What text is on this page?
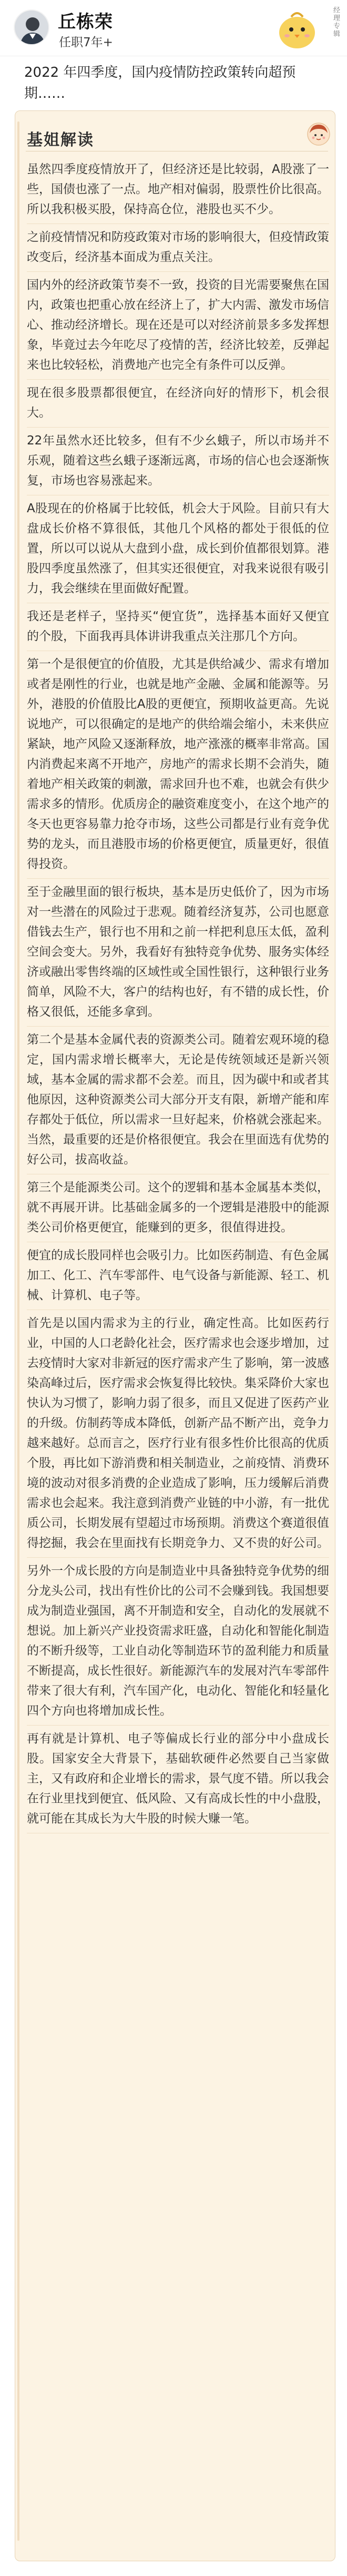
丘栋荣
任职7年+
经理专辑
2022 年四季度，国内疫情防控政策转向超预期……
基姐解读
虽然四季度疫情放开了，但经济还是比较弱，A股涨了一些，国债也涨了一点。地产相对偏弱，股票性价比很高。所以我积极买股，保持高仓位，港股也买不少。
之前疫情情况和防疫政策对市场的影响很大，但疫情政策改变后，经济基本面成为重点关注。
国内外的经济政策节奏不一致，投资的目光需要聚焦在国内，政策也把重心放在经济上了，扩大内需、激发市场信心、推动经济增长。现在还是可以对经济前景多多发挥想象，毕竟过去今年吃尽了疫情的苦，经济比较差，反弹起来也比较轻松，消费地产也完全有条件可以反弹。
现在很多股票都很便宜，在经济向好的情形下，机会很大。
22年虽然水还比较多，但有不少幺蛾子，所以市场并不乐观，随着这些幺蛾子逐渐远离，市场的信心也会逐渐恢复，市场也容易涨起来。
A股现在的价格属于比较低，机会大于风险。目前只有大盘成长价格不算很低，其他几个风格的都处于很低的位置，所以可以说从大盘到小盘，成长到价值都很划算。港股四季度虽然涨了，但其实还很便宜，对我来说很有吸引力，我会继续在里面做好配置。
我还是老样子，坚持买“便宜货”，选择基本面好又便宜的个股，下面我再具体讲讲我重点关注那几个方向。
第一个是很便宜的价值股，尤其是供给减少、需求有增加或者是刚性的行业，也就是地产金融、金属和能源等。另外，港股的价值股比A股的更便宜，预期收益更高。先说说地产，可以很确定的是地产的供给端会缩小，未来供应紧缺，地产风险又逐渐释放，地产涨涨的概率非常高。国内消费起来离不开地产，房地产的需求长期不会消失，随着地产相关政策的刺激，需求回升也不难，也就会有供少需求多的情形。优质房企的融资难度变小，在这个地产的冬天也更容易靠力抢夺市场，这些公司都是行业有竞争优势的龙头，而且港股市场的价格更便宜，质量更好，很值得投资。
至于金融里面的银行板块，基本是历史低价了，因为市场对一些潜在的风险过于悲观。随着经济复苏，公司也愿意借钱去生产，银行也不用和之前一样把利息压太低，盈利空间会变大。另外，我看好有独特竞争优势、服务实体经济或融出零售终端的区域性或全国性银行，这种银行业务简单，风险不大，客户的结构也好，有不错的成长性，价格又很低，还能多拿到。
第二个是基本金属代表的资源类公司。随着宏观环境的稳定，国内需求增长概率大，无论是传统领域还是新兴领域，基本金属的需求都不会差。而且，因为碳中和或者其他原因，这种资源类公司大部分开支有限，新增产能和库存都处于低位，所以需求一旦好起来，价格就会涨起来。当然，最重要的还是价格很便宜。我会在里面选有优势的好公司，拔高收益。
第三个是能源类公司。这个的逻辑和基本金属基本类似，就不再展开讲。比基础金属多的一个逻辑是港股中的能源类公司价格更便宜，能赚到的更多，很值得进投。
便宜的成长股同样也会吸引力。比如医药制造、有色金属加工、化工、汽车零部件、电气设备与新能源、轻工、机械、计算机、电子等。
首先是以国内需求为主的行业，确定性高。比如医药行业，中国的人口老龄化社会，医疗需求也会逐步增加，过去疫情时大家对非新冠的医疗需求产生了影响，第一波感染高峰过后，医疗需求会恢复得比较快。集采降价大家也快认为习惯了，影响力弱了很多，而且又促进了医药产业的升级。仿制药等成本降低，创新产品不断产出，竞争力越来越好。总而言之，医疗行业有很多性价比很高的优质个股，再比如下游消费和相关制造业，之前疫情、消费环境的波动对很多消费的企业造成了影响，压力缓解后消费需求也会起来。我注意到消费产业链的中小游，有一批优质公司，长期发展有望超过市场预期。消费这个赛道很值得挖掘，我会在里面找有长期竞争力、又不贵的好公司。
另外一个成长股的方向是制造业中具备独特竞争优势的细分龙头公司，找出有性价比的公司不会赚到钱。我国想要成为制造业强国，离不开制造和安全，自动化的发展就不想说。加上新兴产业投资需求旺盛，自动化和智能化制造的不断升级等，工业自动化等制造环节的盈利能力和质量不断提高，成长性很好。新能源汽车的发展对汽车零部件带来了很大有利，汽车国产化，电动化、智能化和轻量化四个方向也将增加成长性。
再有就是计算机、电子等偏成长行业的部分中小盘成长股。国家安全大背景下，基础软硬件必然要自己当家做主，又有政府和企业增长的需求，景气度不错。所以我会在行业里找到便宜、低风险、又有高成长性的中小盘股，就可能在其成长为大牛股的时候大赚一笔。
